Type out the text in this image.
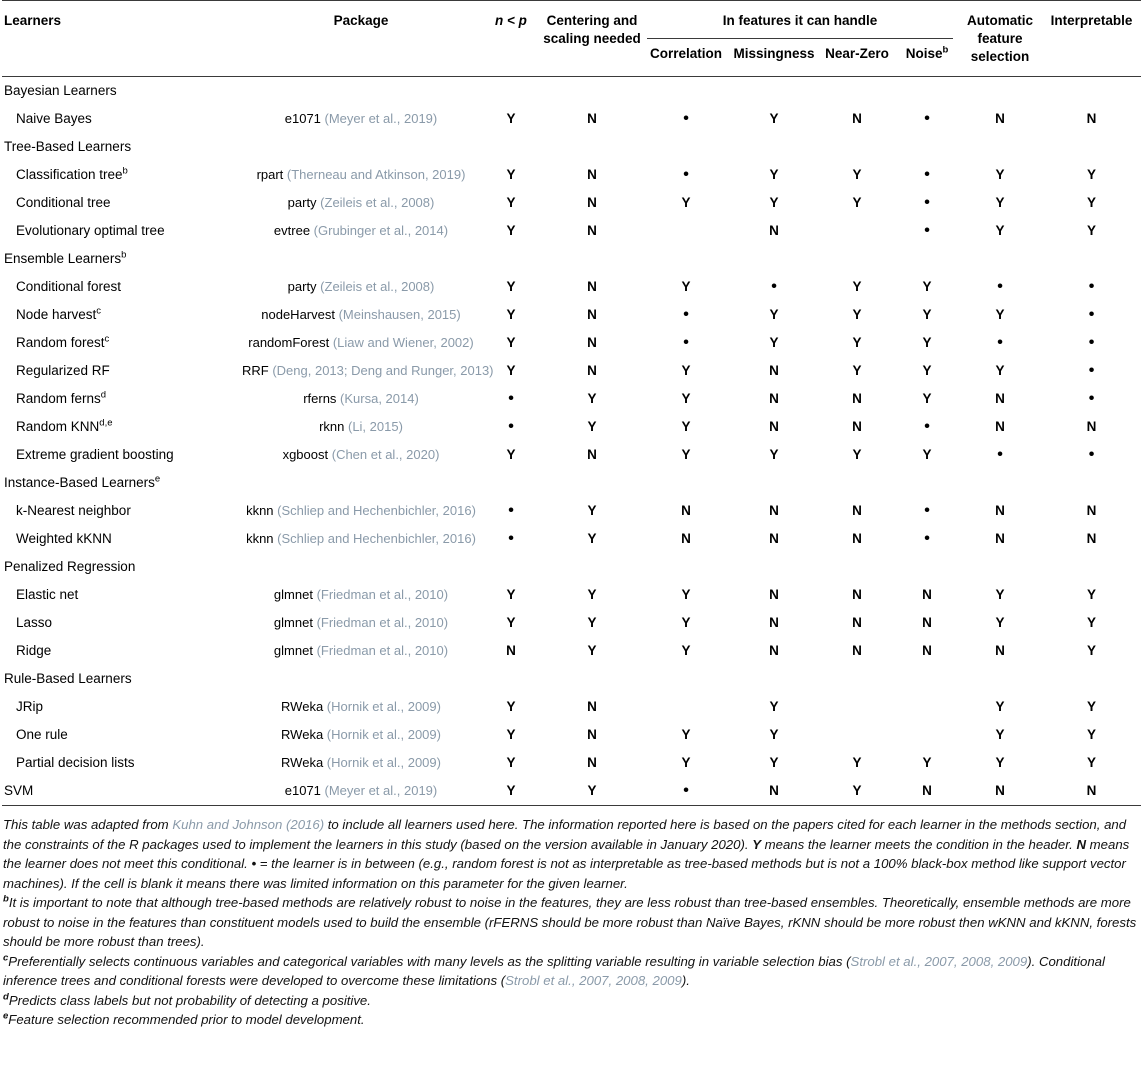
Learners	Package	n < p	Centering and scaling needed	In features it can handle				Automatic feature selection	Interpretable
				Correlation	Missingness	Near-Zero	Noise$^b$
Bayesian Learners									
Naive Bayes	e1071 (Meyer et al., 2019)	Y	N	•	Y	N	•	N	N
Tree-Based Learners									
Classification tree$^b$	rpart (Therneau and Atkinson, 2019)	Y	N	•	Y	Y	•	Y	Y
Conditional tree	party (Zeileis et al., 2008)	Y	N	Y	Y	Y	•	Y	Y
Evolutionary optimal tree	evtree (Grubinger et al., 2014)	Y	N		N		•	Y	Y
Ensemble Learners$^b$
Conditional forest	party (Zeileis et al., 2008)	Y	N	Y	•	Y	Y	•	•
Node harvest$^c$	nodeHarvest (Meinshausen, 2015)	Y	N	•	Y	Y	Y	Y	•
Random forest$^c$	randomForest (Liaw and Wiener, 2002)	Y	N	•	Y	Y	Y	•	•
Regularized RF	RRF (Deng, 2013; Deng and Runger, 2013)	Y	N	Y	N	Y	Y	Y	•
Random ferns$^d$	rferns (Kursa, 2014)	•	Y	Y	N	N	Y	N	•
Random KNN$^{d,e}$	rknn (Li, 2015)	•	Y	Y	N	N	•	N	N
Extreme gradient boosting	xgboost (Chen et al., 2020)	Y	N	Y	Y	Y	Y	•	•
Instance-Based Learners$^e$
k-Nearest neighbor	kknn (Schliep and Hechenbichler, 2016)	•	Y	N	N	N	•	N	N
Weighted kKNN	kknn (Schliep and Hechenbichler, 2016)	•	Y	N	N	N	•	N	N
Penalized Regression									
Elastic net	glmnet (Friedman et al., 2010)	Y	Y	Y	N	N	N	Y	Y
Lasso	glmnet (Friedman et al., 2010)	Y	Y	Y	N	N	N	Y	Y
Ridge	glmnet (Friedman et al., 2010)	N	Y	Y	N	N	N	N	Y
Rule-Based Learners									
JRip	RWeka (Hornik et al., 2009)	Y	N		Y			Y	Y
One rule	RWeka (Hornik et al., 2009)	Y	N	Y	Y			Y	Y
Partial decision lists	RWeka (Hornik et al., 2009)	Y	N	Y	Y	Y	Y	Y	Y
SVM	e1071 (Meyer et al., 2019)	Y	Y	•	N	Y	N	N	N
This table was adapted from Kuhn and Johnson (2016) to include all learners used here. The information reported here is based on the papers cited for each learner in the methods section, and the constraints of the R packages used to implement the learners in this study (based on the version available in January 2020). Y means the learner meets the condition in the header. N means the learner does not meet this conditional. • = the learner is in between (e.g., random forest is not as interpretable as tree-based methods but is not a 100% black-box method like support vector machines). If the cell is blank it means there was limited information on this parameter for the given learner.
$^b$It is important to note that although tree-based methods are relatively robust to noise in the features, they are less robust than tree-based ensembles. Theoretically, ensemble methods are more robust to noise in the features than constituent models used to build the ensemble (rFERNS should be more robust than Naïve Bayes, rKNN should be more robust then wKNN and kKNN, forests should be more robust than trees).
$^c$Preferentially selects continuous variables and categorical variables with many levels as the splitting variable resulting in variable selection bias (Strobl et al., 2007, 2008, 2009). Conditional inference trees and conditional forests were developed to overcome these limitations (Strobl et al., 2007, 2008, 2009).
$^d$Predicts class labels but not probability of detecting a positive.
$^e$Feature selection recommended prior to model development.
